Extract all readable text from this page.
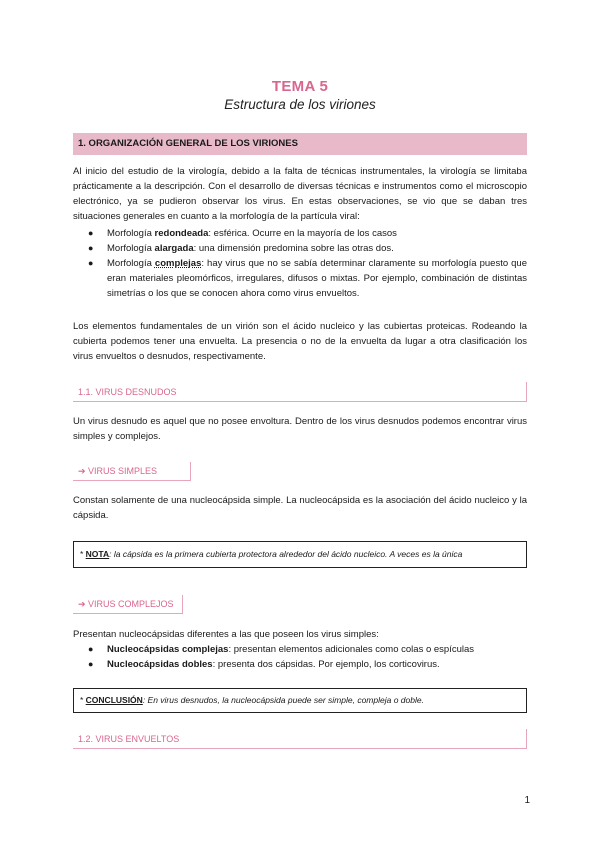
TEMA 5
Estructura de los viriones
1. ORGANIZACIÓN GENERAL DE LOS VIRIONES

Al inicio del estudio de la virología, debido a la falta de técnicas instrumentales, la virología se limitaba prácticamente a la descripción. Con el desarrollo de diversas técnicas e instrumentos como el microscopio electrónico, ya se pudieron observar los virus. En estas observaciones, se vio que se daban tres situaciones generales en cuanto a la morfología de la partícula viral:

● Morfología redondeada: esférica. Ocurre en la mayoría de los casos
● Morfología alargada: una dimensión predomina sobre las otras dos.
● Morfología complejas: hay virus que no se sabía determinar claramente su morfología puesto que eran materiales pleomórficos, irregulares, difusos o mixtas. Por ejemplo, combinación de distintas simetrías o los que se conocen ahora como virus envueltos.

Los elementos fundamentales de un virión son el ácido nucleico y las cubiertas proteicas. Rodeando la cubierta podemos tener una envuelta. La presencia o no de la envuelta da lugar a otra clasificación los virus envueltos o desnudos, respectivamente.

1.1. VIRUS DESNUDOS

Un virus desnudo es aquel que no posee envoltura. Dentro de los virus desnudos podemos encontrar virus simples y complejos.

➔ VIRUS SIMPLES

Constan solamente de una nucleocápsida simple. La nucleocápsida es la asociación del ácido nucleico y la cápsida.

* NOTA: la cápsida es la primera cubierta protectora alrededor del ácido nucleico. A veces es la única
➔ VIRUS COMPLEJOS

Presentan nucleocápsidas diferentes a las que poseen los virus simples:

● Nucleocápsidas complejas: presentan elementos adicionales como colas o espículas
● Nucleocápsidas dobles: presenta dos cápsidas. Por ejemplo, los corticovirus.
* CONCLUSIÓN: En virus desnudos, la nucleocápsida puede ser simple, compleja o doble.
1.2. VIRUS ENVUELTOS
1
